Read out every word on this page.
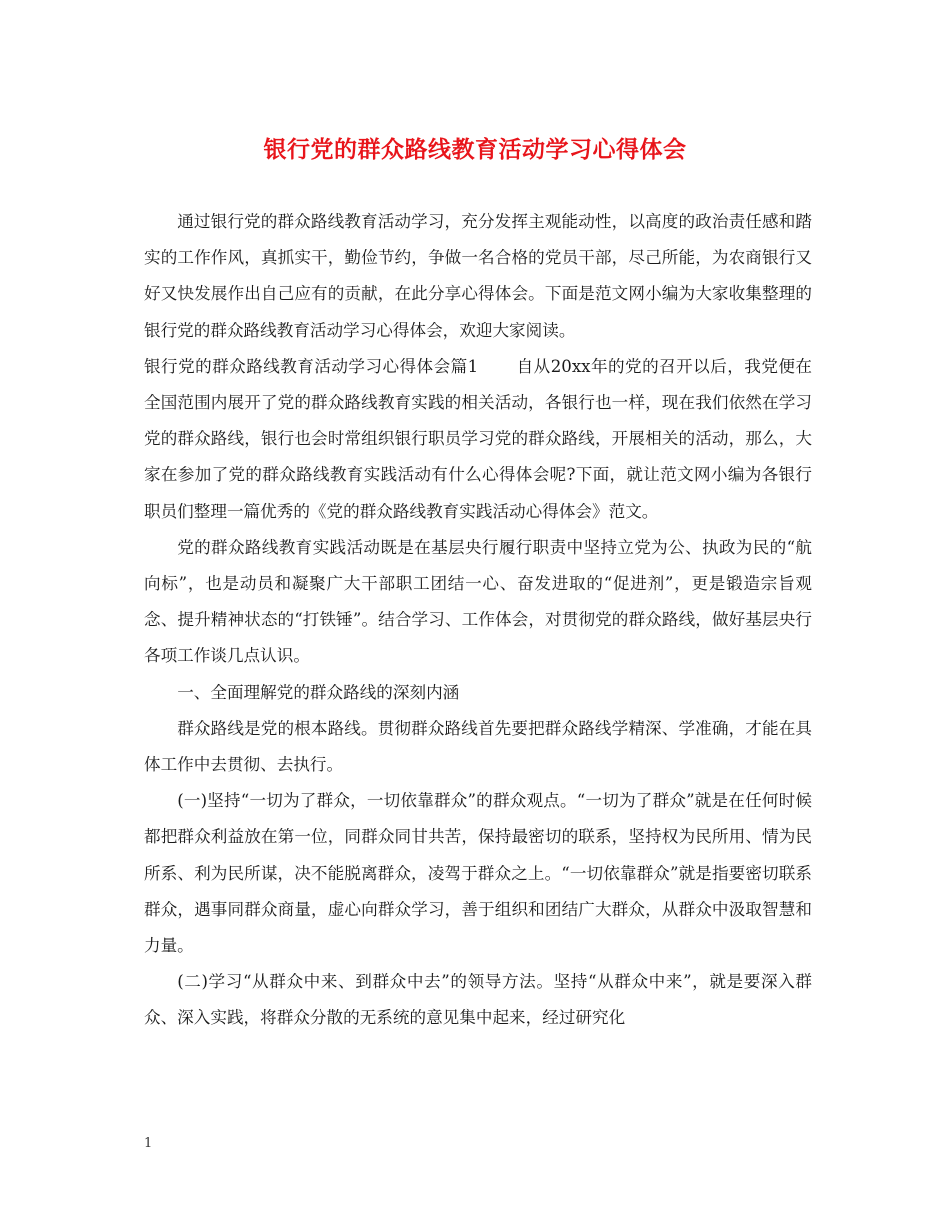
银行党的群众路线教育活动学习心得体会

通过银行党的群众路线教育活动学习，充分发挥主观能动性，以高度的政治责任感和踏实的工作作风，真抓实干，勤俭节约，争做一名合格的党员干部，尽己所能，为农商银行又好又快发展作出自己应有的贡献，在此分享心得体会。下面是范文网小编为大家收集整理的银行党的群众路线教育活动学习心得体会，欢迎大家阅读。

银行党的群众路线教育活动学习心得体会篇1 自从20xx年的党的召开以后，我党便在全国范围内展开了党的群众路线教育实践的相关活动，各银行也一样，现在我们依然在学习党的群众路线，银行也会时常组织银行职员学习党的群众路线，开展相关的活动，那么，大家在参加了党的群众路线教育实践活动有什么心得体会呢?下面，就让范文网小编为各银行职员们整理一篇优秀的《党的群众路线教育实践活动心得体会》范文。

党的群众路线教育实践活动既是在基层央行履行职责中坚持立党为公、执政为民的“航向标”，也是动员和凝聚广大干部职工团结一心、奋发进取的“促进剂”，更是锻造宗旨观念、提升精神状态的“打铁锤”。结合学习、工作体会，对贯彻党的群众路线，做好基层央行各项工作谈几点认识。

一、全面理解党的群众路线的深刻内涵

群众路线是党的根本路线。贯彻群众路线首先要把群众路线学精深、学准确，才能在具体工作中去贯彻、去执行。

(一)坚持“一切为了群众，一切依靠群众”的群众观点。“一切为了群众”就是在任何时候都把群众利益放在第一位，同群众同甘共苦，保持最密切的联系，坚持权为民所用、情为民所系、利为民所谋，决不能脱离群众，凌驾于群众之上。“一切依靠群众”就是指要密切联系群众，遇事同群众商量，虚心向群众学习，善于组织和团结广大群众，从群众中汲取智慧和力量。

(二)学习“从群众中来、到群众中去”的领导方法。坚持“从群众中来”，就是要深入群众、深入实践，将群众分散的无系统的意见集中起来，经过研究化

1
